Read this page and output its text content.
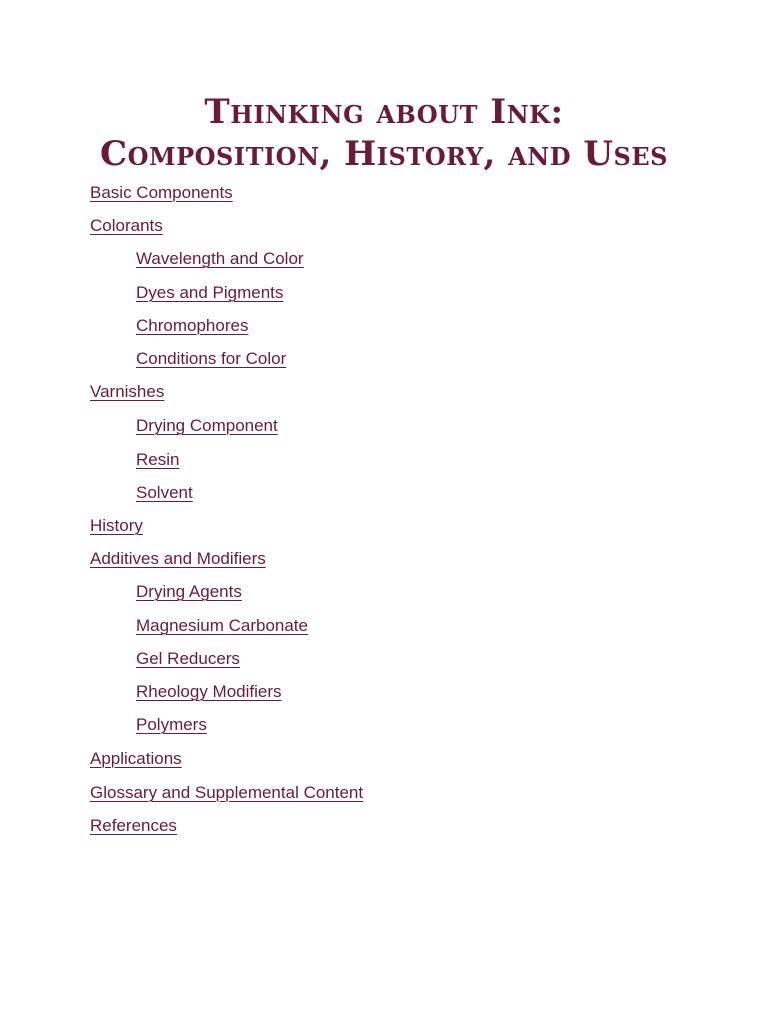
Thinking about Ink:
Composition, History, and Uses
Basic Components
Colorants
Wavelength and Color
Dyes and Pigments
Chromophores
Conditions for Color
Varnishes
Drying Component
Resin
Solvent
History
Additives and Modifiers
Drying Agents
Magnesium Carbonate
Gel Reducers
Rheology Modifiers
Polymers
Applications
Glossary and Supplemental Content
References
